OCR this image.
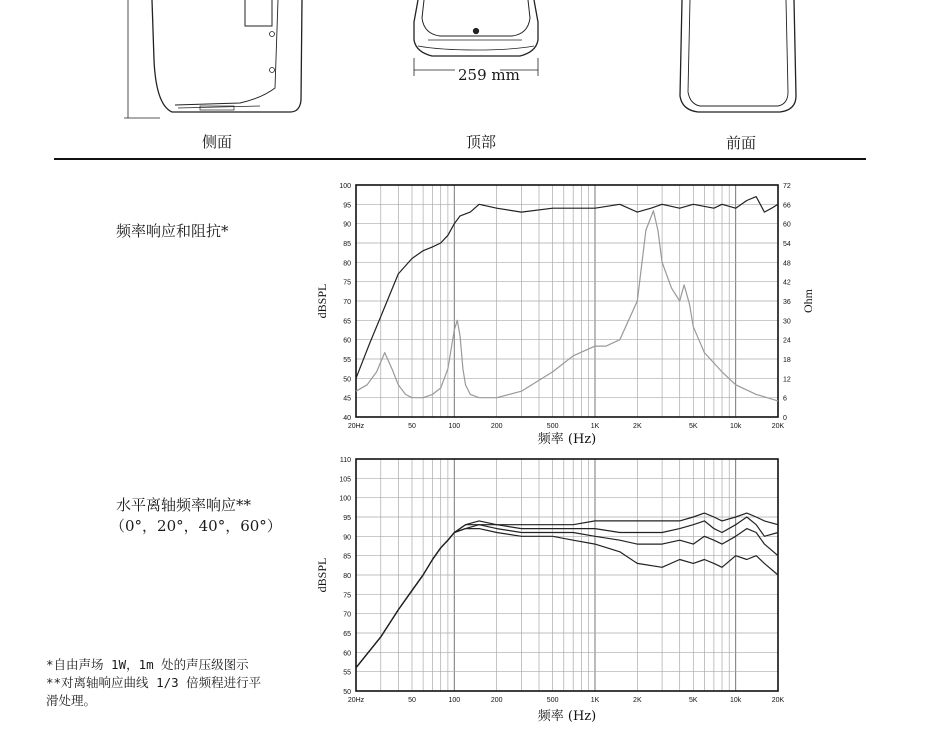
259 mm
侧面	顶部	前面
频率响应和阻抗*
水平离轴频率响应**
（0°，20°，40°，60°）
*自由声场 1W，1m 处的声压级图示
**对离轴响应曲线 1/3 倍频程进行平
滑处理。
40
45
50
55
60
65
70
75
80
85
90
95
100
0
6
12
18
24
30
36
42
48
54
60
66
72
20Hz	50	100	200	500	1K	2K	5K	10k	20K
频率 (Hz)
dBSPL	Ohm
50
55
60
65
70
75
80
85
90
95
100
105
110
20Hz	50	100	200	500	1K	2K	5K	10k	20K
频率 (Hz)
dBSPL
